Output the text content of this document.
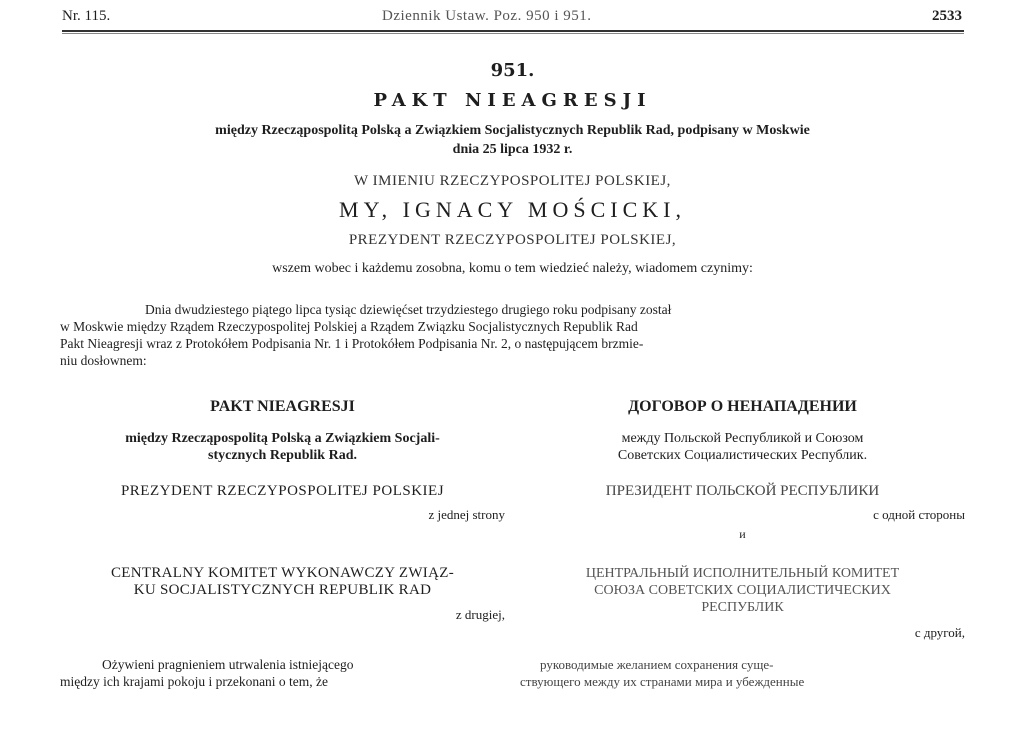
Nr. 115.	Dziennik Ustaw. Poz. 950 i 951.	2533
951.
PAKT NIEAGRESJI
między Rzecząpospolitą Polską a Związkiem Socjalistycznych Republik Rad, podpisany w Moskwie
dnia 25 lipca 1932 r.
W IMIENIU RZECZYPOSPOLITEJ POLSKIEJ,
MY, IGNACY MOŚCICKI,
PREZYDENT RZECZYPOSPOLITEJ POLSKIEJ,
wszem wobec i każdemu zosobna, komu o tem wiedzieć należy, wiadomem czynimy:
Dnia dwudziestego piątego lipca tysiąc dziewięćset trzydziestego drugiego roku podpisany został
w Moskwie między Rządem Rzeczypospolitej Polskiej a Rządem Związku Socjalistycznych Republik Rad
Pakt Nieagresji wraz z Protokółem Podpisania Nr. 1 i Protokółem Podpisania Nr. 2, o następującem brzmie-
niu dosłownem:
PAKT NIEAGRESJI
między Rzecząpospolitą Polską a Związkiem Socjali-
stycznych Republik Rad.
PREZYDENT RZECZYPOSPOLITEJ POLSKIEJ
z jednej strony
CENTRALNY KOMITET WYKONAWCZY ZWIĄZ-
KU SOCJALISTYCZNYCH REPUBLIK RAD
z drugiej,
Ożywieni pragnieniem utrwalenia istniejącego
między ich krajami pokoju i przekonani o tem, że
ДОГОВОР О НЕНАПАДЕНИИ
между Польской Республикой и Союзом
Советских Социалистических Республик.
ПРЕЗИДЕНТ ПОЛЬСКОЙ РЕСПУБЛИКИ
с одной стороны
и
ЦЕНТРАЛЬНЫЙ ИСПОЛНИТЕЛЬНЫЙ КОМИТЕТ
СОЮЗА СОВЕТСКИХ СОЦИАЛИСТИЧЕСКИХ
РЕСПУБЛИК
с другой,
руководимые желанием сохранения суще-
ствующего между их странами мира и убежденные
